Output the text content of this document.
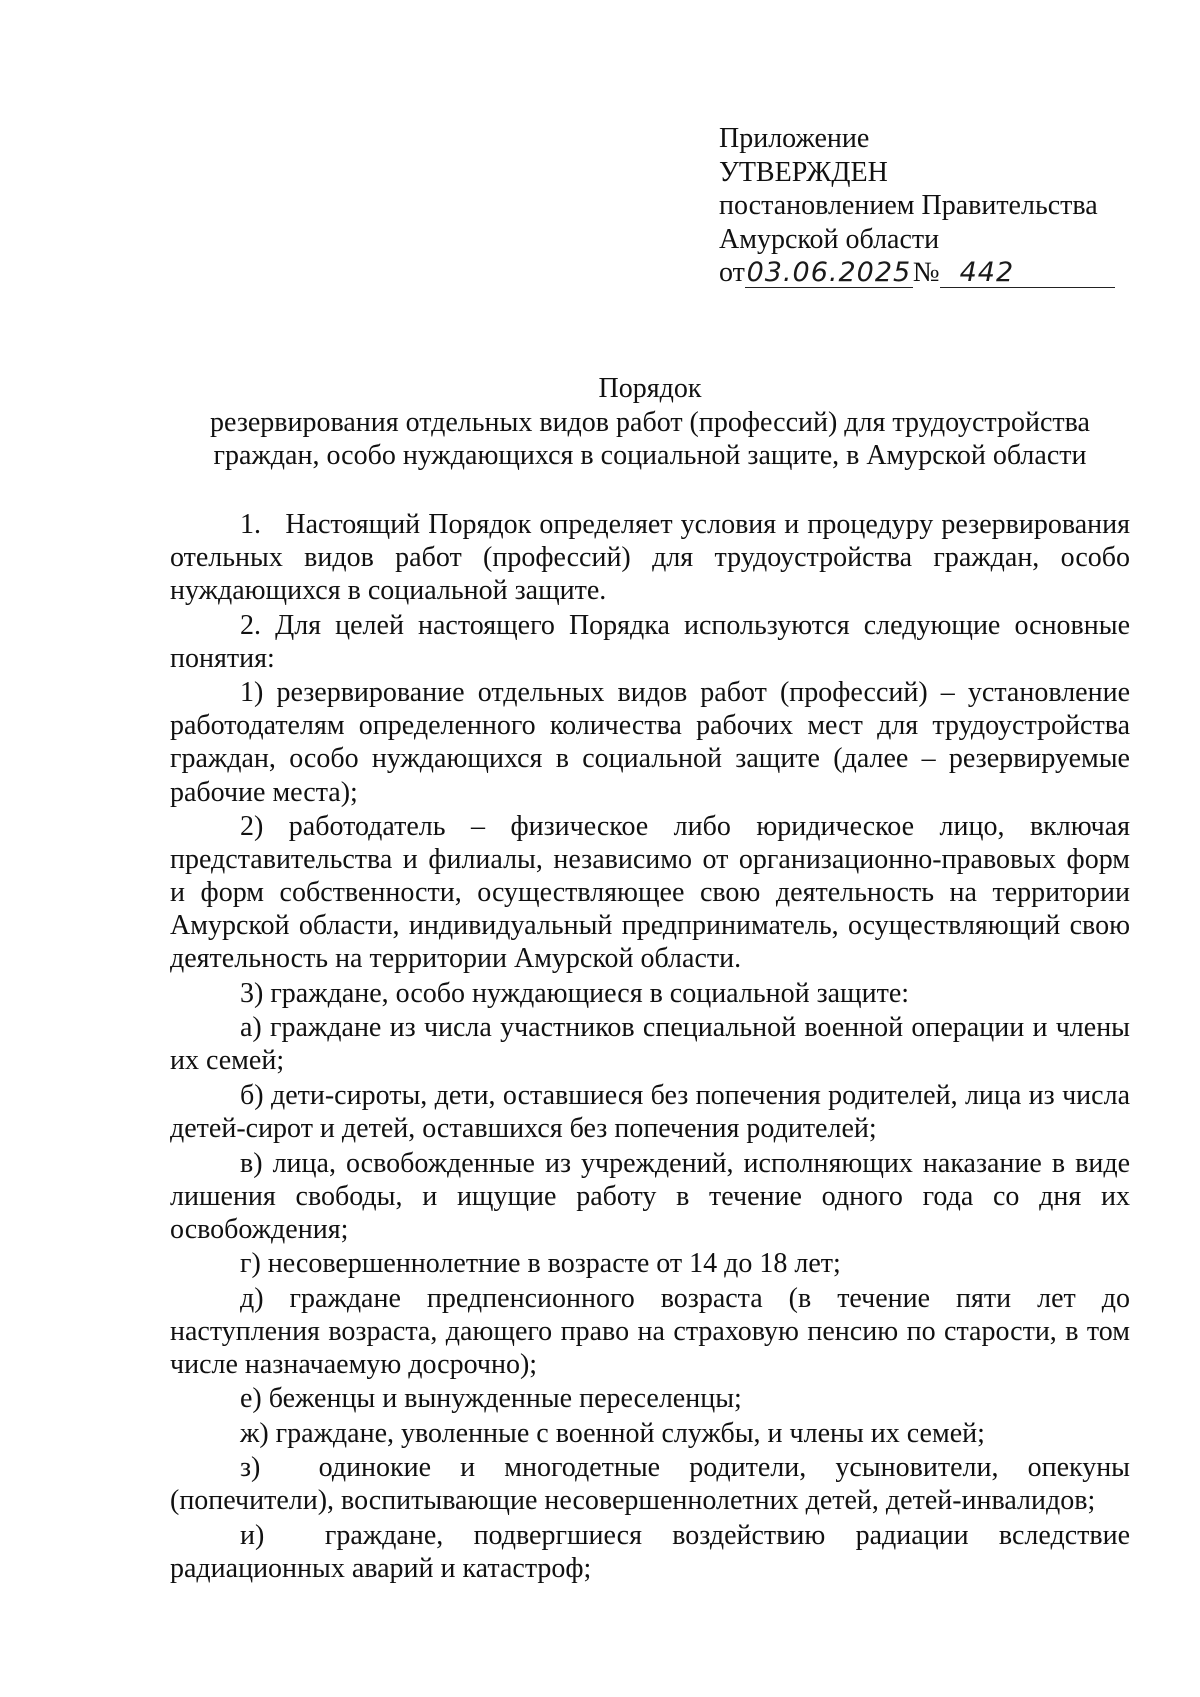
Приложение
УТВЕРЖДЕН
постановлением Правительства
Амурской области
от03.06.2025№ 442
Порядок
резервирования отдельных видов работ (профессий) для трудоустройства
граждан, особо нуждающихся в социальной защите, в Амурской области

1.   Настоящий Порядок определяет условия и процедуру резервирования отельных видов работ (профессий) для трудоустройства граждан, особо нуждающихся в социальной защите.

2. Для целей настоящего Порядка используются следующие основные понятия:

1) резервирование отдельных видов работ (профессий) – установление работодателям определенного количества рабочих мест для трудоустройства граждан, особо нуждающихся в социальной защите (далее – резервируемые рабочие места);

2) работодатель – физическое либо юридическое лицо, включая представительства и филиалы, независимо от организационно-правовых форм и форм собственности, осуществляющее свою деятельность на территории Амурской области, индивидуальный предприниматель, осуществляющий свою деятельность на территории Амурской области.

3) граждане, особо нуждающиеся в социальной защите:

а) граждане из числа участников специальной военной операции и члены их семей;

б) дети-сироты, дети, оставшиеся без попечения родителей, лица из числа детей-сирот и детей, оставшихся без попечения родителей;

в) лица, освобожденные из учреждений, исполняющих наказание в виде лишения свободы, и ищущие работу в течение одного года со дня их освобождения;

г) несовершеннолетние в возрасте от 14 до 18 лет;

д) граждане предпенсионного возраста (в течение пяти лет до наступления возраста, дающего право на страховую пенсию по старости, в том числе назначаемую досрочно);

е) беженцы и вынужденные переселенцы;

ж) граждане, уволенные с военной службы, и члены их семей;

з)  одинокие и многодетные родители, усыновители, опекуны (попечители), воспитывающие несовершеннолетних детей, детей-инвалидов;

и)  граждане, подвергшиеся воздействию радиации вследствие радиационных аварий и катастроф;
